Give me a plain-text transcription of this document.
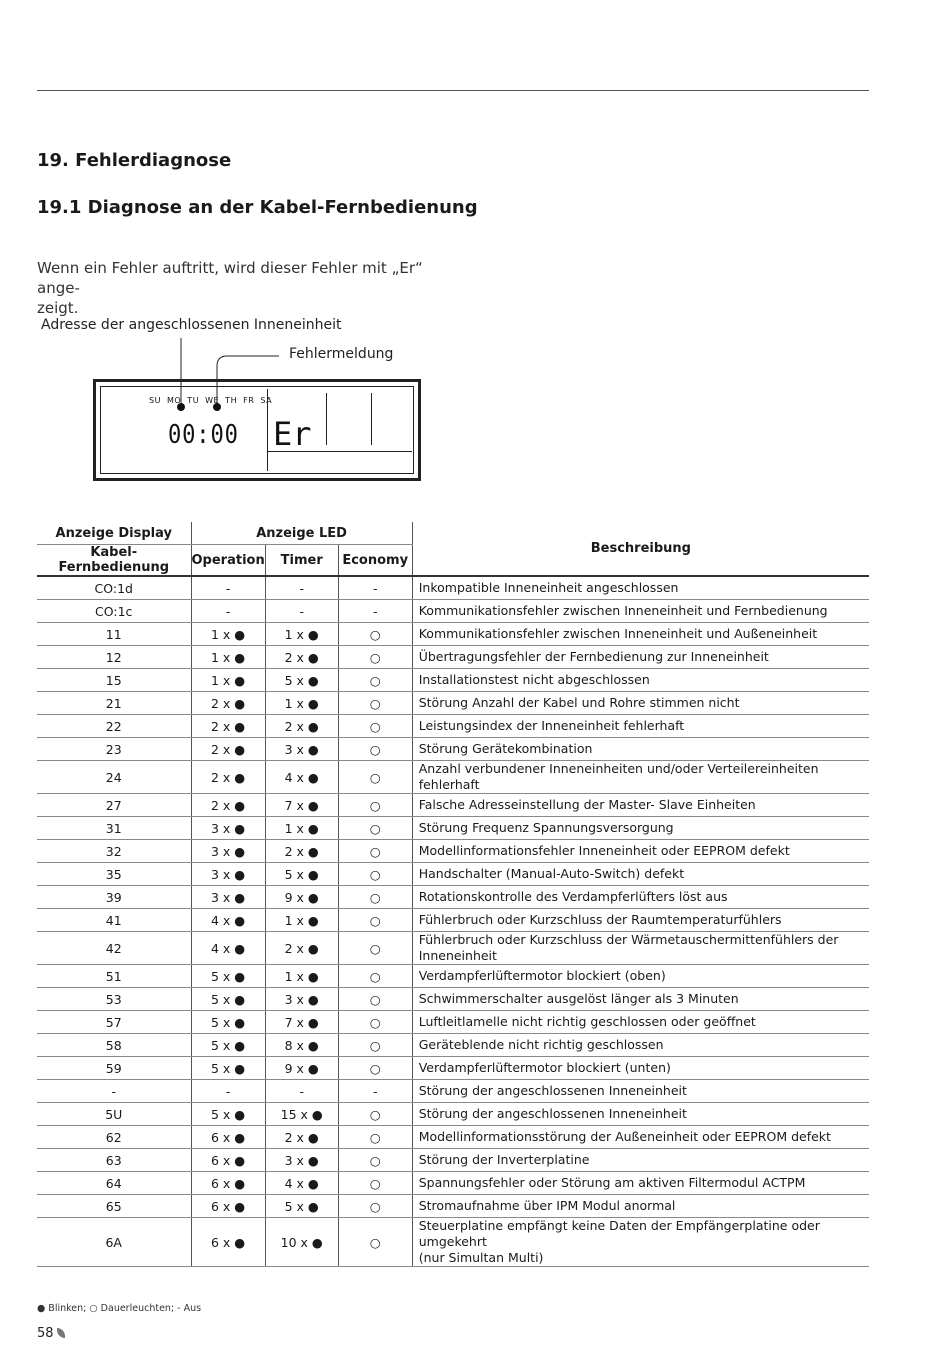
19. Fehlerdiagnose
19.1 Diagnose an der Kabel-Fernbedienung
Wenn ein Fehler auftritt, wird dieser Fehler mit „Er“ ange-
zeigt.
Adresse der angeschlossenen Inneneinheit
Fehlermeldung
SU  MO  TU  WE  TH  FR  SA
00:00 Er
Anzeige Display	Anzeige LED			Beschreibung
Kabel-Fernbedienung	Operation	Timer	Economy	
CO:1d	-	-	-	Inkompatible Inneneinheit angeschlossen
CO:1c	-	-	-	Kommunikationsfehler zwischen Inneneinheit und Fernbedienung
11	1 x ●	1 x ●	○	Kommunikationsfehler zwischen Inneneinheit und Außeneinheit
12	1 x ●	2 x ●	○	Übertragungsfehler der Fernbedienung zur Inneneinheit
15	1 x ●	5 x ●	○	Installationstest nicht abgeschlossen
21	2 x ●	1 x ●	○	Störung Anzahl der Kabel und Rohre stimmen nicht
22	2 x ●	2 x ●	○	Leistungsindex der Inneneinheit fehlerhaft
23	2 x ●	3 x ●	○	Störung Gerätekombination
24	2 x ●	4 x ●	○	Anzahl verbundener Inneneinheiten und/oder Verteilereinheiten fehlerhaft
27	2 x ●	7 x ●	○	Falsche Adresseinstellung der Master- Slave Einheiten
31	3 x ●	1 x ●	○	Störung Frequenz Spannungsversorgung
32	3 x ●	2 x ●	○	Modellinformationsfehler Inneneinheit oder EEPROM defekt
35	3 x ●	5 x ●	○	Handschalter (Manual-Auto-Switch) defekt
39	3 x ●	9 x ●	○	Rotationskontrolle des Verdampferlüfters löst aus
41	4 x ●	1 x ●	○	Fühlerbruch oder Kurzschluss der Raumtemperaturfühlers
42	4 x ●	2 x ●	○	Fühlerbruch oder Kurzschluss der Wärmetauschermittenfühlers der Inneneinheit
51	5 x ●	1 x ●	○	Verdampferlüftermotor blockiert (oben)
53	5 x ●	3 x ●	○	Schwimmerschalter ausgelöst länger als 3 Minuten
57	5 x ●	7 x ●	○	Luftleitlamelle nicht richtig geschlossen oder geöffnet
58	5 x ●	8 x ●	○	Geräteblende nicht richtig geschlossen
59	5 x ●	9 x ●	○	Verdampferlüftermotor blockiert (unten)
-	-	-	-	Störung der angeschlossenen Inneneinheit
5U	5 x ●	15 x ●	○	Störung der angeschlossenen Inneneinheit
62	6 x ●	2 x ●	○	Modellinformationsstörung der Außeneinheit oder EEPROM defekt
63	6 x ●	3 x ●	○	Störung der Inverterplatine
64	6 x ●	4 x ●	○	Spannungsfehler oder Störung am aktiven Filtermodul ACTPM
65	6 x ●	5 x ●	○	Stromaufnahme über IPM Modul anormal
6A	6 x ●	10 x ●	○	Steuerplatine empfängt keine Daten der Empfängerplatine oder umgekehrt
(nur Simultan Multi)
● Blinken; ○ Dauerleuchten; - Aus
58
